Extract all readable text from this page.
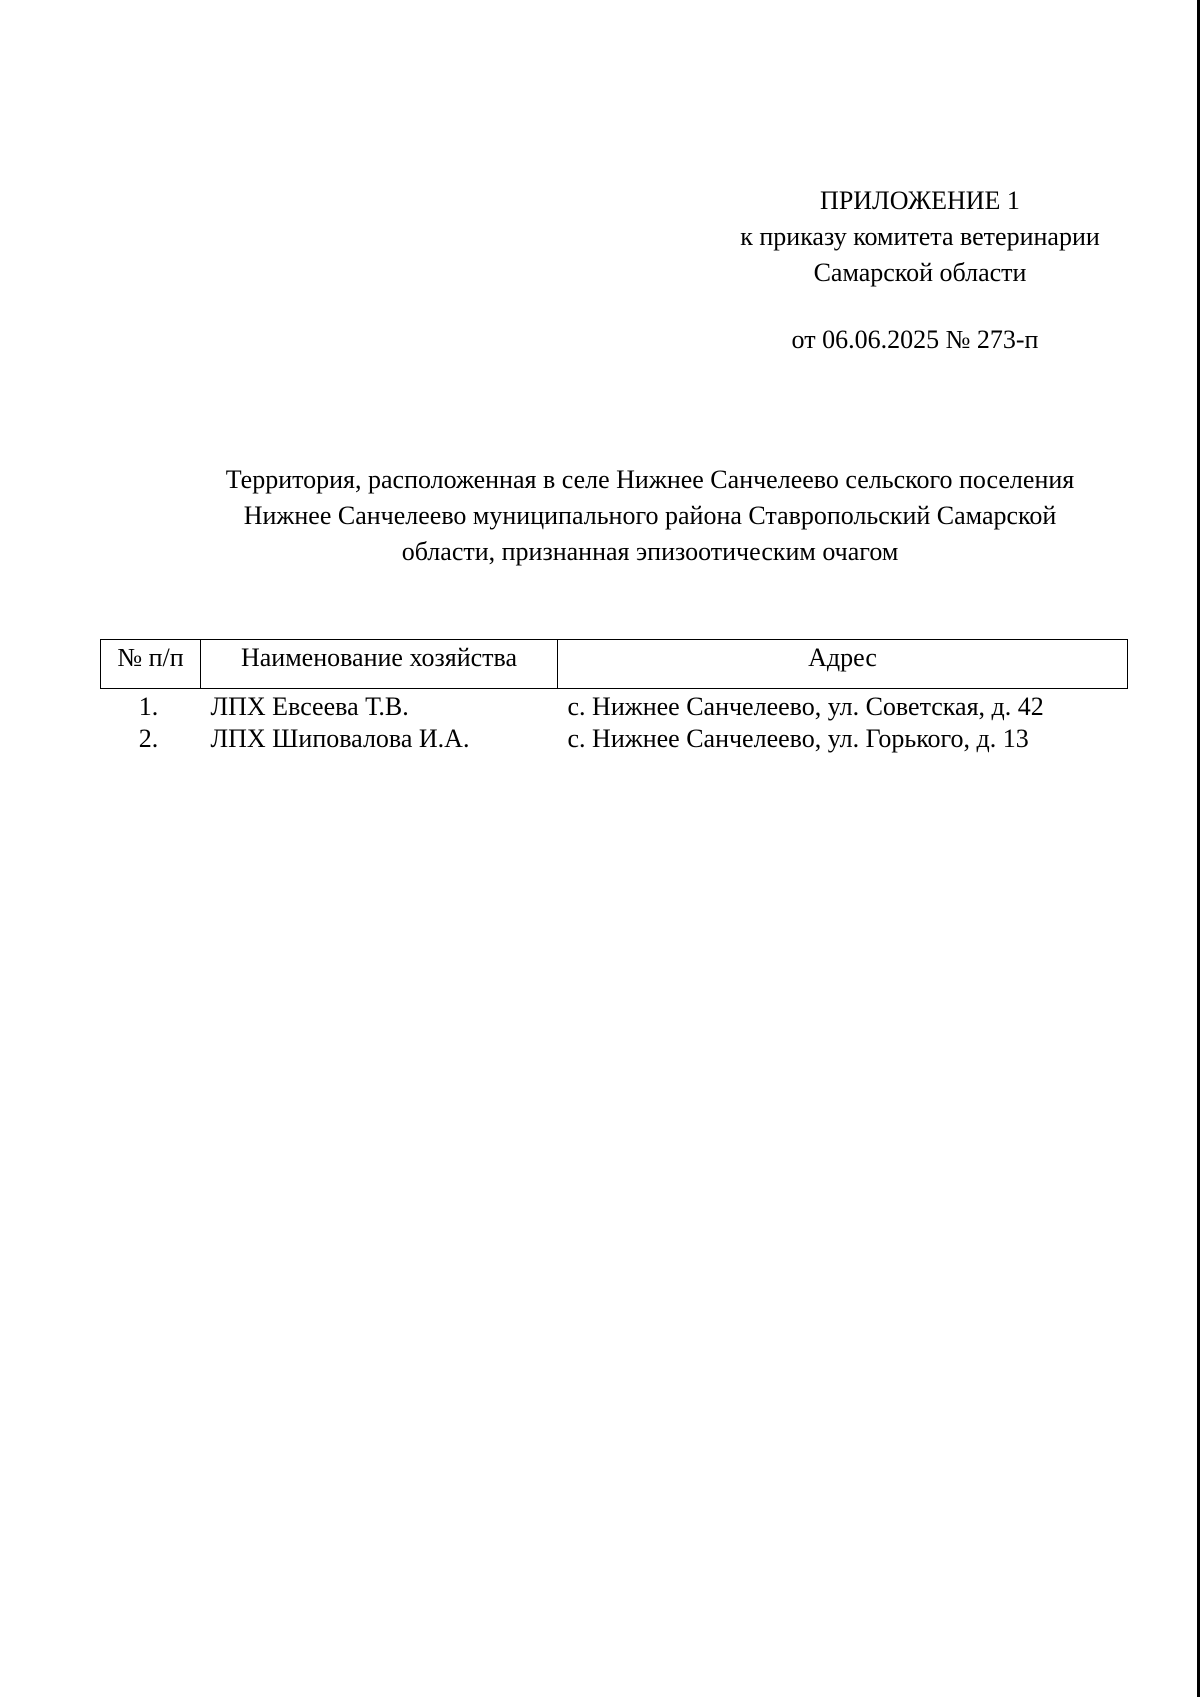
ПРИЛОЖЕНИЕ 1
к приказу комитета ветеринарии
Самарской области
от 06.06.2025 № 273-п
Территория, расположенная в селе Нижнее Санчелеево сельского поселения
Нижнее Санчелеево муниципального района Ставропольский Самарской
области, признанная эпизоотическим очагом
№ п/п	Наименование хозяйства	Адрес
1.	ЛПХ Евсеева Т.В.	с. Нижнее Санчелеево, ул. Советская, д. 42
2.	ЛПХ Шиповалова И.А.	с. Нижнее Санчелеево, ул. Горького, д. 13
